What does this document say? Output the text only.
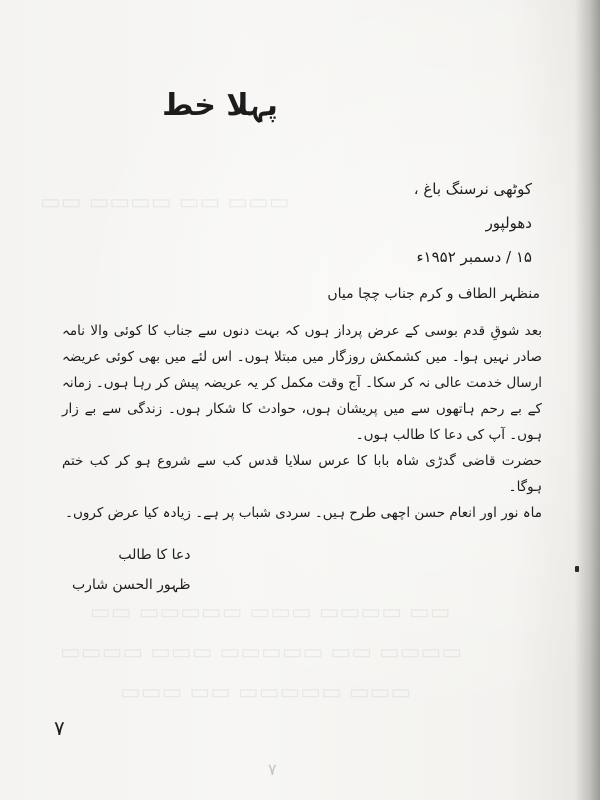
▭▭▭ ▭▭ ▭▭▭▭ ▭▭
▭▭ ▭▭▭▭ ▭▭▭ ▭▭▭▭▭ ▭▭
▭▭▭▭ ▭▭ ▭▭▭▭▭ ▭▭▭ ▭▭▭▭
▭▭▭ ▭▭▭▭▭ ▭▭ ▭▭▭
پہلا خط
کوٹھی نرسنگ باغ ،
دھولپور
۱۵ / دسمبر ۱۹۵۲ء
منظہر الطاف و کرم جناب چچا میاں

بعد شوقِ قدم بوسی کے عرض پرداز ہوں کہ بہت دنوں سے جناب کا کوئی والا نامہ صادر نہیں ہوا۔ میں کشمکش روزگار میں مبتلا ہوں۔ اس لئے میں بھی کوئی عریضہ ارسال خدمت عالی نہ کر سکا۔ آج وقت مکمل کر یہ عریضہ پیش کر رہا ہوں۔ زمانہ کے بے رحم ہاتھوں سے میں پریشان ہوں، حوادث کا شکار ہوں۔ زندگی سے بے زار ہوں۔ آپ کی دعا کا طالب ہوں۔

حضرت قاضی گدڑی شاہ بابا کا عرس سلایا قدس کب سے شروع ہو کر کب ختم ہوگا۔

ماہ نور اور انعام حسن اچھی طرح ہیں۔ سردی شباب پر ہے۔ زیادہ کیا عرض کروں۔

دعا کا طالب
ظہور الحسن شارب
۷
۷
